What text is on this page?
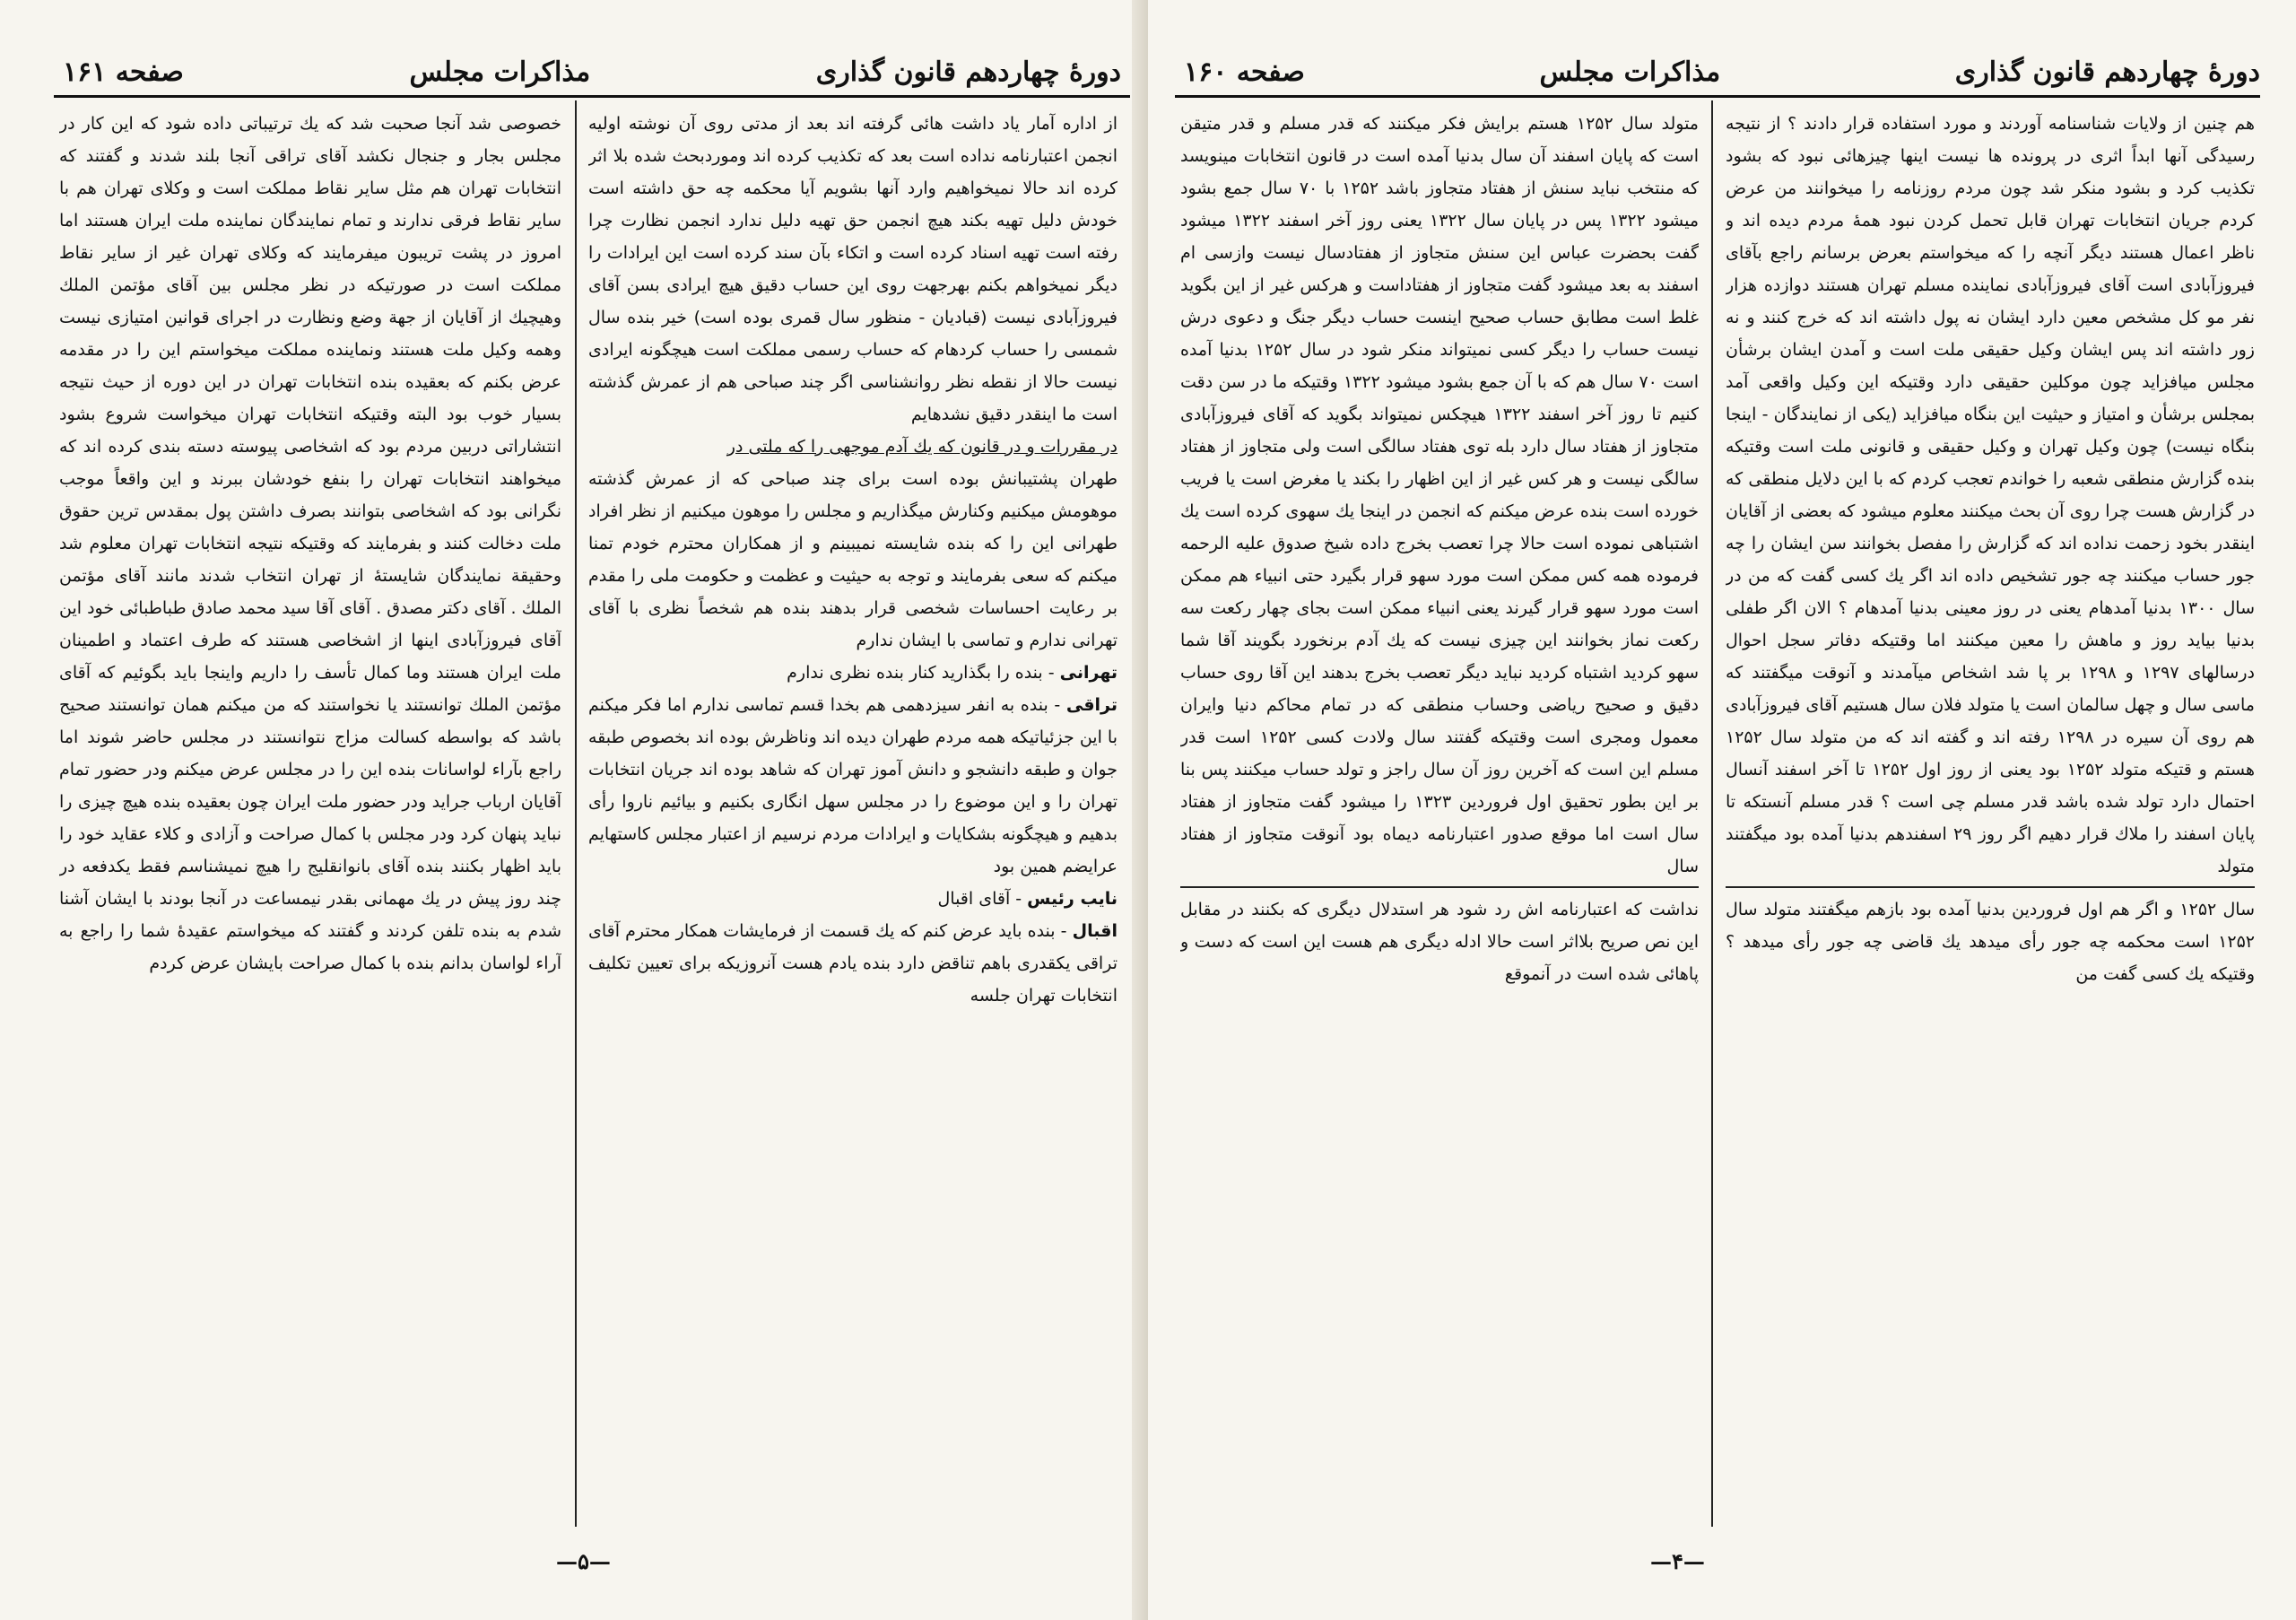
دورهٔ چهاردهم قانون گذاری
مذاکرات مجلس
صفحه ۱۶۱

خصوصی شد آنجا صحبت شد که یك ترتیباتی داده شود که این کار در مجلس بجار و جنجال نکشد آقای تراقی آنجا بلند شدند و گفتند که انتخابات تهران هم مثل سایر نقاط مملکت است و وکلای تهران هم با سایر نقاط فرقی ندارند و تمام نمایندگان نماینده ملت ایران هستند اما امروز در پشت تریبون میفرمایند که وکلای تهران غیر از سایر نقاط مملکت است در صورتیکه در نظر مجلس بین آقای مؤتمن الملك وهیچیك از آقایان از جهة وضع ونظارت در اجرای قوانین امتیازی نیست وهمه وکیل ملت هستند ونماینده مملکت میخواستم این را در مقدمه عرض بکنم که بعقیده بنده انتخابات تهران در این دوره از حیث نتیجه بسیار خوب بود البته وقتیکه انتخابات تهران میخواست شروع بشود انتشاراتی دربین مردم بود که اشخاصی پیوسته دسته بندی کرده اند که میخواهند انتخابات تهران را بنفع خودشان ببرند و این واقعاً موجب نگرانی بود که اشخاصی بتوانند بصرف داشتن پول بمقدس ترین حقوق ملت دخالت کنند و بفرمایند که وقتیکه نتیجه انتخابات تهران معلوم شد وحقیقة نمایندگان شایستهٔ از تهران انتخاب شدند مانند آقای مؤتمن الملك . آقای دکتر مصدق . آقای آقا سید محمد صادق طباطبائی خود این آقای فیروزآبادی اینها از اشخاصی هستند که طرف اعتماد و اطمینان ملت ایران هستند وما کمال تأسف را داریم واینجا باید بگوئیم که آقای مؤتمن الملك توانستند یا نخواستند که من میکنم همان توانستند صحیح باشد که بواسطه کسالت مزاج نتوانستند در مجلس حاضر شوند اما راجع بآراء لواسانات بنده این را در مجلس عرض میکنم ودر حضور تمام آقایان ارباب جراید ودر حضور ملت ایران چون بعقیده بنده هیچ چیزی را نباید پنهان کرد ودر مجلس با کمال صراحت و آزادی و کلاء عقاید خود را باید اظهار بکنند بنده آقای بانوانقلیج را هیچ نمیشناسم فقط یکدفعه در چند روز پیش در یك مهمانی بقدر نیمساعت در آنجا بودند با ایشان آشنا شدم به بنده تلفن کردند و گفتند که میخواستم عقیدهٔ شما را راجع به آراء لواسان بدانم بنده با کمال صراحت بایشان عرض کردم

از اداره آمار یاد داشت هائی گرفته اند بعد از مدتی روی آن نوشته اولیه انجمن اعتبارنامه نداده است بعد که تکذیب کرده اند وموردبحث شده بلا اثر کرده اند حالا نمیخواهیم وارد آنها بشویم آیا محکمه چه حق داشته است خودش دلیل تهیه بکند هیچ انجمن حق تهیه دلیل ندارد انجمن نظارت چرا رفته است تهیه اسناد کرده است و اتکاء بآن سند کرده است این ایرادات را دیگر نمیخواهم بکنم بهرجهت روی این حساب دقیق هیچ ایرادی بسن آقای فیروزآبادی نیست (قبادیان - منظور سال قمری بوده است) خیر بنده سال شمسی را حساب کردهام که حساب رسمی مملکت است هیچگونه ایرادی نیست حالا از نقطه نظر روانشناسی اگر چند صباحی هم از عمرش گذشته است ما اینقدر دقیق نشدهایم

در مقررات و در قانون که یك آدم موجهی را که ملتی در

طهران پشتیبانش بوده است برای چند صباحی که از عمرش گذشته موهومش میکنیم وکنارش میگذاریم و مجلس را موهون میکنیم از نظر افراد طهرانی این را که بنده شایسته نمیبینم و از همکاران محترم خودم تمنا میکنم که سعی بفرمایند و توجه به حیثیت و عظمت و حکومت ملی را مقدم بر رعایت احساسات شخصی قرار بدهند بنده هم شخصاً نظری با آقای تهرانی ندارم و تماسی با ایشان ندارم

تهرانی - بنده را بگذارید کنار بنده نظری ندارم

تراقی - بنده به انفر سیزدهمی هم بخدا قسم تماسی ندارم اما فکر میکنم با این جزئیاتیکه همه مردم طهران دیده اند وناظرش بوده اند بخصوص طبقه جوان و طبقه دانشجو و دانش آموز تهران که شاهد بوده اند جریان انتخابات تهران را و این موضوع را در مجلس سهل انگاری بکنیم و بیائیم ناروا رأی بدهیم و هیچگونه بشکایات و ایرادات مردم نرسیم از اعتبار مجلس کاستهایم عرایضم همین بود

نایب رئیس - آقای اقبال

اقبال - بنده باید عرض کنم که یك قسمت از فرمایشات همکار محترم آقای تراقی یکقدری باهم تناقض دارد بنده یادم هست آنروزیکه برای تعیین تکلیف انتخابات تهران جلسه

—۵—
دورهٔ چهاردهم قانون گذاری
مذاکرات مجلس
صفحه ۱۶۰

متولد سال ۱۲۵۲ هستم برایش فکر میکنند که قدر مسلم و قدر متیقن است که پایان اسفند آن سال بدنیا آمده است در قانون انتخابات مینویسد که منتخب نباید سنش از هفتاد متجاوز باشد ۱۲۵۲ با ۷۰ سال جمع بشود میشود ۱۳۲۲ پس در پایان سال ۱۳۲۲ یعنی روز آخر اسفند ۱۳۲۲ میشود گفت بحضرت عباس این سنش متجاوز از هفتادسال نیست وازسی ام اسفند به بعد میشود گفت متجاوز از هفتاداست و هرکس غیر از این بگوید غلط است مطابق حساب صحیح اینست حساب دیگر جنگ و دعوی درش نیست حساب را دیگر کسی نمیتواند منکر شود در سال ۱۲۵۲ بدنیا آمده است ۷۰ سال هم که با آن جمع بشود میشود ۱۳۲۲ وقتیکه ما در سن دقت کنیم تا روز آخر اسفند ۱۳۲۲ هیچکس نمیتواند بگوید که آقای فیروزآبادی متجاوز از هفتاد سال دارد بله توی هفتاد سالگی است ولی متجاوز از هفتاد سالگی نیست و هر کس غیر از این اظهار را بکند یا مغرض است یا فریب خورده است بنده عرض میکنم که انجمن در اینجا یك سهوی کرده است یك اشتباهی نموده است حالا چرا تعصب بخرج داده شیخ صدوق علیه الرحمه فرموده همه کس ممکن است مورد سهو قرار بگیرد حتی انبیاء هم ممکن است مورد سهو قرار گیرند یعنی انبیاء ممکن است بجای چهار رکعت سه رکعت نماز بخوانند این چیزی نیست که یك آدم برنخورد بگویند آقا شما سهو کردید اشتباه کردید نباید دیگر تعصب بخرج بدهند این آقا روی حساب دقیق و صحیح ریاضی وحساب منطقی که در تمام محاکم دنیا وایران معمول ومجری است وقتیکه گفتند سال ولادت کسی ۱۲۵۲ است قدر مسلم این است که آخرین روز آن سال راجز و تولد حساب میکنند پس بنا بر این بطور تحقیق اول فروردین ۱۳۲۳ را میشود گفت متجاوز از هفتاد سال است اما موقع صدور اعتبارنامه دیماه بود آنوقت متجاوز از هفتاد سال

نداشت که اعتبارنامه اش رد شود هر استدلال دیگری که بکنند در مقابل این نص صریح بلااثر است حالا ادله دیگری هم هست این است که دست و پاهائی شده است در آنموقع

هم چنین از ولایات شناسنامه آوردند و مورد استفاده قرار دادند ؟ از نتیجه رسیدگی آنها ابداً اثری در پرونده ها نیست اینها چیزهائی نبود که بشود تکذیب کرد و بشود منکر شد چون مردم روزنامه را میخوانند من عرض کردم جریان انتخابات تهران قابل تحمل کردن نبود همهٔ مردم دیده اند و ناظر اعمال هستند دیگر آنچه را که میخواستم بعرض برسانم راجع بآقای فیروزآبادی است آقای فیروزآبادی نماینده مسلم تهران هستند دوازده هزار نفر مو کل مشخص معین دارد ایشان نه پول داشته اند که خرج کنند و نه زور داشته اند پس ایشان وکیل حقیقی ملت است و آمدن ایشان برشأن مجلس میافزاید چون موکلین حقیقی دارد وقتیکه این وکیل واقعی آمد بمجلس برشأن و امتیاز و حیثیت این بنگاه میافزاید (یکی از نمایندگان - اینجا بنگاه نیست) چون وکیل تهران و وکیل حقیقی و قانونی ملت است وقتیکه بنده گزارش منطقی شعبه را خواندم تعجب کردم که با این دلایل منطقی که در گزارش هست چرا روی آن بحث میکنند معلوم میشود که بعضی از آقایان اینقدر بخود زحمت نداده اند که گزارش را مفصل بخوانند سن ایشان را چه جور حساب میکنند چه جور تشخیص داده اند اگر یك کسی گفت که من در سال ۱۳۰۰ بدنیا آمدهام یعنی در روز معینی بدنیا آمدهام ؟ الان اگر طفلی بدنیا بیاید روز و ماهش را معین میکنند اما وقتیکه دفاتر سجل احوال درسالهای ۱۲۹۷ و ۱۲۹۸ بر پا شد اشخاص میآمدند و آنوقت میگفتند که ماسی سال و چهل سالمان است یا متولد فلان سال هستیم آقای فیروزآبادی هم روی آن سیره در ۱۲۹۸ رفته اند و گفته اند که من متولد سال ۱۲۵۲ هستم و قتیکه متولد ۱۲۵۲ بود یعنی از روز اول ۱۲۵۲ تا آخر اسفند آنسال احتمال دارد تولد شده باشد قدر مسلم چی است ؟ قدر مسلم آنستکه تا پایان اسفند را ملاك قرار دهیم اگر روز ۲۹ اسفندهم بدنیا آمده بود میگفتند متولد

سال ۱۲۵۲ و اگر هم اول فروردین بدنیا آمده بود بازهم میگفتند متولد سال ۱۲۵۲ است محکمه چه جور رأی میدهد یك قاضی چه جور رأی میدهد ؟ وقتیکه یك کسی گفت من

—۴—
